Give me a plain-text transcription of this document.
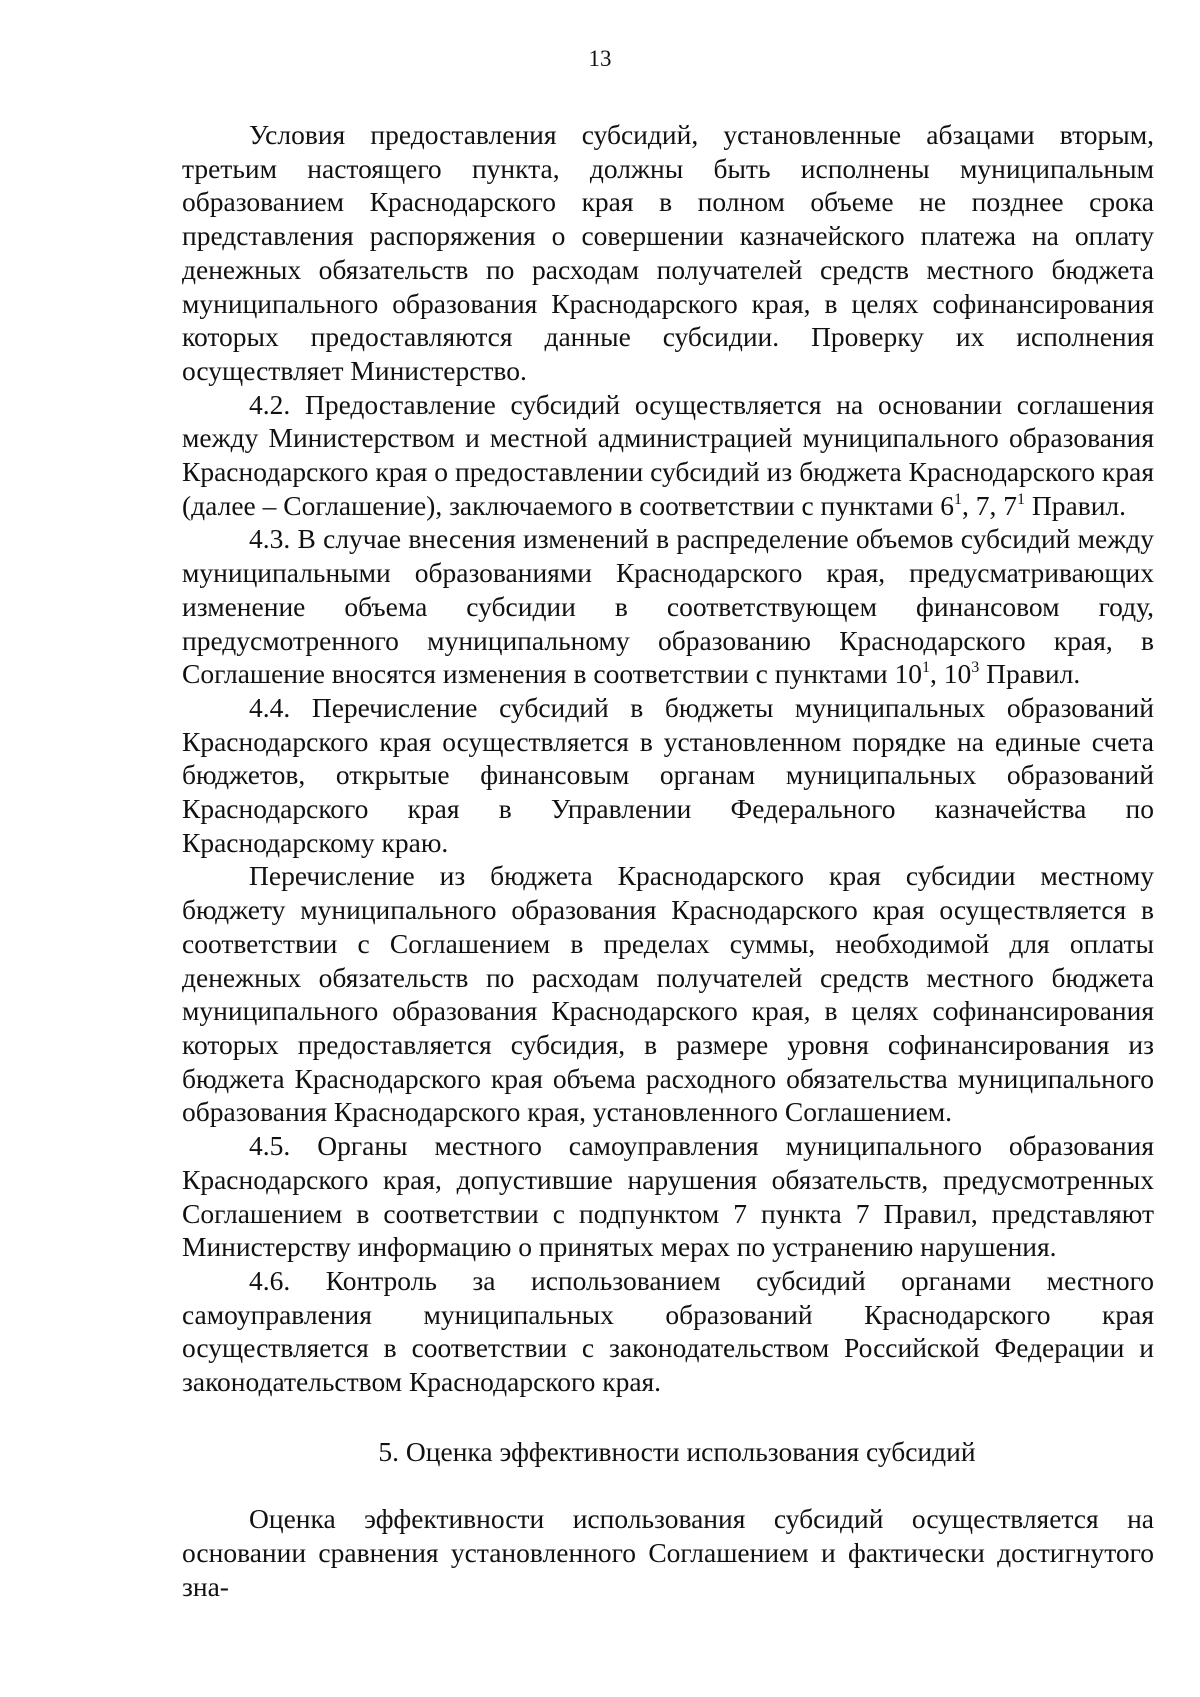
13

Условия предоставления субсидий, установленные абзацами вторым, третьим настоящего пункта, должны быть исполнены муниципальным образованием Краснодарского края в полном объеме не позднее срока представления распоряжения о совершении казначейского платежа на оплату денежных обязательств по расходам получателей средств местного бюджета муниципального образования Краснодарского края, в целях софинансирования которых предоставляются данные субсидии. Проверку их исполнения осуществляет Министерство.

4.2. Предоставление субсидий осуществляется на основании соглашения между Министерством и местной администрацией муниципального образования Краснодарского края о предоставлении субсидий из бюджета Краснодарского края (далее – Соглашение), заключаемого в соответствии с пунктами $6^1$, 7, $7^1$ Правил.

4.3. В случае внесения изменений в распределение объемов субсидий между муниципальными образованиями Краснодарского края, предусматривающих изменение объема субсидии в соответствующем финансовом году, предусмотренного муниципальному образованию Краснодарского края, в Соглашение вносятся изменения в соответствии с пунктами $10^1$, $10^3$ Правил.

4.4. Перечисление субсидий в бюджеты муниципальных образований Краснодарского края осуществляется в установленном порядке на единые счета бюджетов, открытые финансовым органам муниципальных образований Краснодарского края в Управлении Федерального казначейства по Краснодарскому краю.

Перечисление из бюджета Краснодарского края субсидии местному бюджету муниципального образования Краснодарского края осуществляется в соответствии с Соглашением в пределах суммы, необходимой для оплаты денежных обязательств по расходам получателей средств местного бюджета муниципального образования Краснодарского края, в целях софинансирования которых предоставляется субсидия, в размере уровня софинансирования из бюджета Краснодарского края объема расходного обязательства муниципального образования Краснодарского края, установленного Соглашением.

4.5. Органы местного самоуправления муниципального образования Краснодарского края, допустившие нарушения обязательств, предусмотренных Соглашением в соответствии с подпунктом 7 пункта 7 Правил, представляют Министерству информацию о принятых мерах по устранению нарушения.

4.6. Контроль за использованием субсидий органами местного самоуправления муниципальных образований Краснодарского края осуществляется в соответствии с законодательством Российской Федерации и законодательством Краснодарского края.

5. Оценка эффективности использования субсидий

Оценка эффективности использования субсидий осуществляется на основании сравнения установленного Соглашением и фактически достигнутого зна-
